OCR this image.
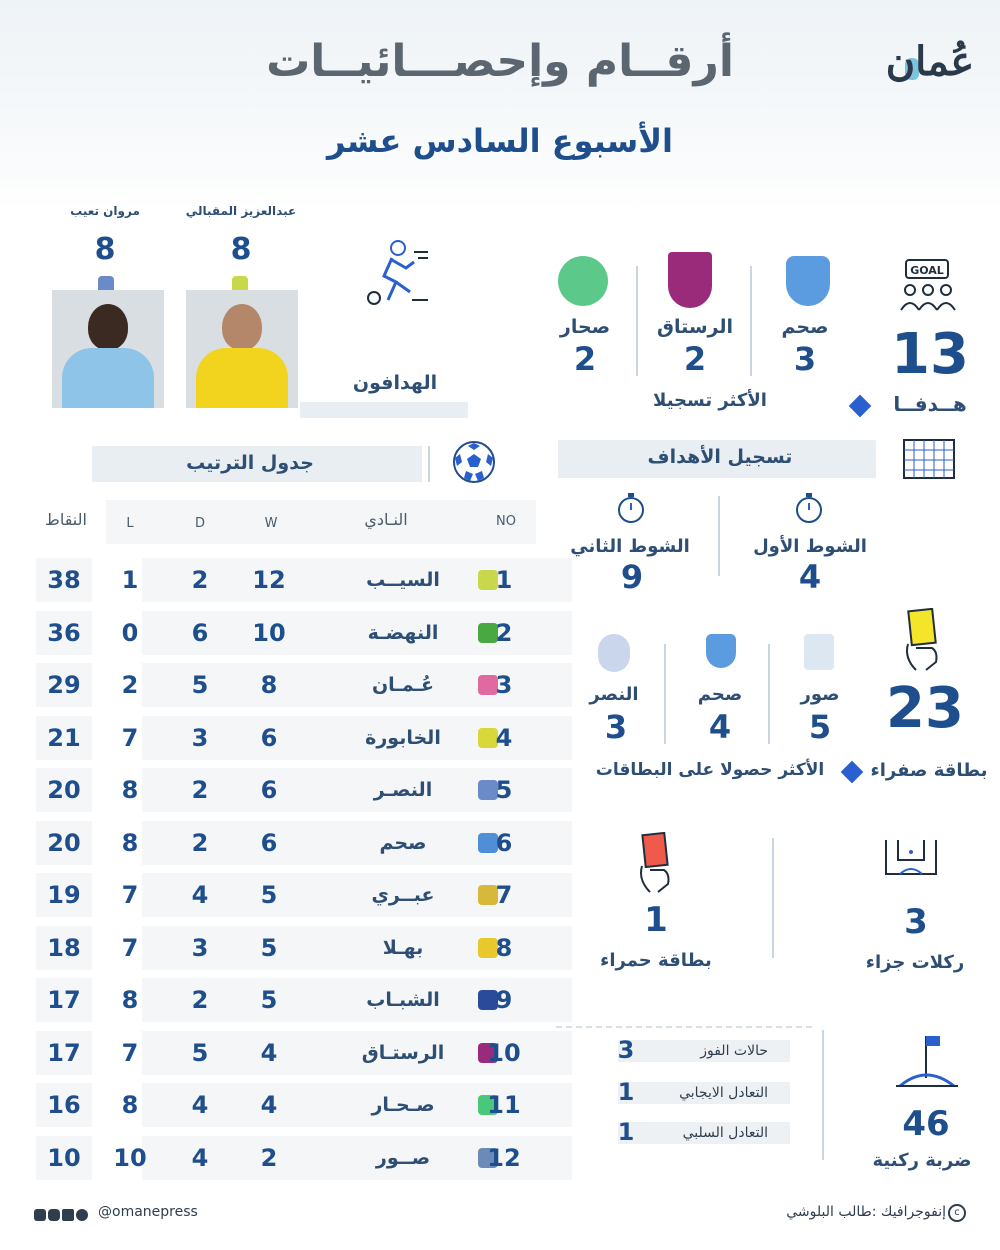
أرقــام وإحصـــائيــات
الأسبوع السادس عشر
عُمان
GOAL
13
هــدفــا
صحم
3
الرستاق
2
صحار
2
الأكثر تسجيلا
الهدافون
عبدالعزيز المقبالي
8
مروان تعيب
8
جدول الترتيب	تسجيل الأهداف
الشوط الأول
4
الشوط الثاني
9
23
بطاقة صفراء
صور
5
صحم
4
النصر
3
الأكثر حصولا على البطاقات
1
بطاقة حمراء
3
ركلات جزاء
حالات الفوز
3
التعادل الايجابي
1
التعادل السلبي
1	46
ضربة ركنية
النقاط	L	D	W	النـادي	NO
38	1	2	12	السيــب	1
36	0	6	10	النهضـة	2
29	2	5	8	عُـمـان	3
21	7	3	6	الخابورة	4
20	8	2	6	النصـر	5
20	8	2	6	صحم	6
19	7	4	5	عبــري	7
18	7	3	5	بهـلا	8
17	8	2	5	الشبـاب	9
17	7	5	4	الرستـاق	10
16	8	4	4	صـحـار	11
10	10	4	2	صــور	12
@omanepress	إنفوجرافيك :طالب البلوشي c
